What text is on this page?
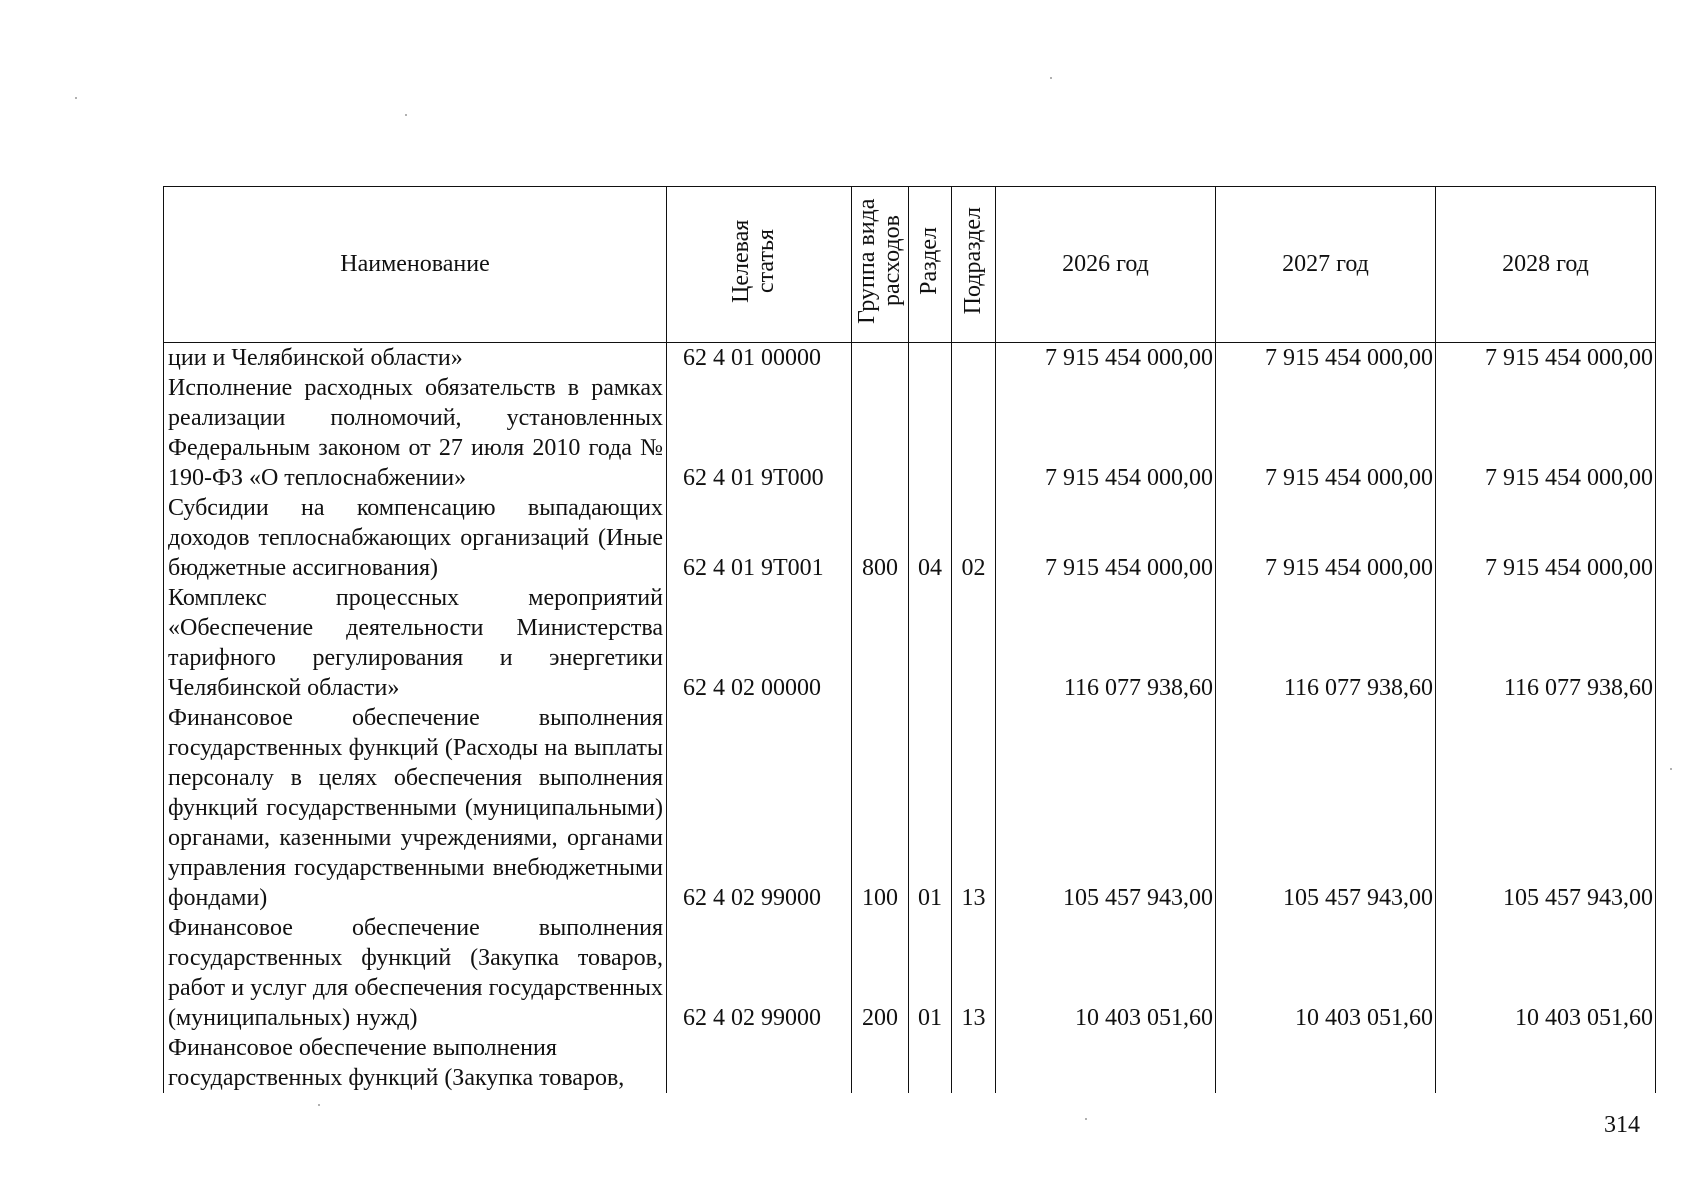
Наименование	Целевая статья	Группа вида расходов	Раздел	Подраздел	2026 год	2027 год	2028 год
ции и Челябинской области»	62 4 01 00000				7 915 454 000,00	7 915 454 000,00	7 915 454 000,00
Исполнение расходных обязательств в рамках реализации полномочий, установленных Федеральным законом от 27 июля 2010 года № 190-ФЗ «О теплоснабжении»	62 4 01 9Т000				7 915 454 000,00	7 915 454 000,00	7 915 454 000,00
Субсидии на компенсацию выпадающих доходов теплоснабжающих организаций (Иные бюджетные ассигнования)	62 4 01 9Т001	800	04	02	7 915 454 000,00	7 915 454 000,00	7 915 454 000,00
Комплекс процессных мероприятий «Обеспечение деятельности Министерства тарифного регулирования и энергетики Челябинской области»	62 4 02 00000				116 077 938,60	116 077 938,60	116 077 938,60
Финансовое обеспечение выполнения государственных функций (Расходы на выплаты персоналу в целях обеспечения выполнения функций государственными (муниципальными) органами, казенными учреждениями, органами управления государственными внебюджетными фондами)	62 4 02 99000	100	01	13	105 457 943,00	105 457 943,00	105 457 943,00
Финансовое обеспечение выполнения государственных функций (Закупка товаров, работ и услуг для обеспечения государственных (муниципальных) нужд)	62 4 02 99000	200	01	13	10 403 051,60	10 403 051,60	10 403 051,60
Финансовое обеспечение выполнения государственных функций (Закупка товаров,							
314
